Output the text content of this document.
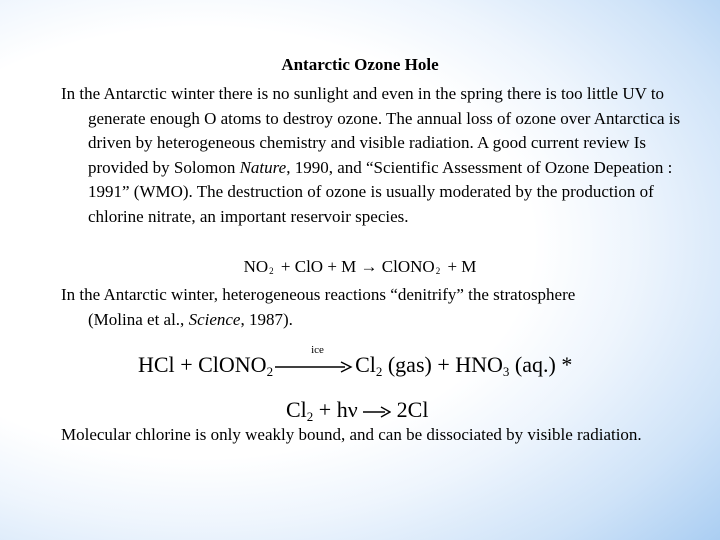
Antarctic Ozone Hole
In the Antarctic winter there is no sunlight and even in the spring there is too little UV to generate enough O atoms to destroy ozone. The annual loss of ozone over Antarctica is driven by heterogeneous chemistry and visible radiation. A good current review Is provided by Solomon Nature, 1990, and “Scientific Assessment of Ozone Depeation : 1991” (WMO). The destruction of ozone is usually moderated by the production of chlorine nitrate, an important reservoir species.
NO2 + ClO + M → ClONO2 + M
In the Antarctic winter, heterogeneous reactions “denitrify” the stratosphere (Molina et al., Science, 1987).
HCl + ClONO$_2$
ice
$Cl_2$ $(gas) + HNO_3$ (aq.) *
$Cl_2 + h\nu$  2Cl
Molecular chlorine is only weakly bound, and can be dissociated by visible radiation.
